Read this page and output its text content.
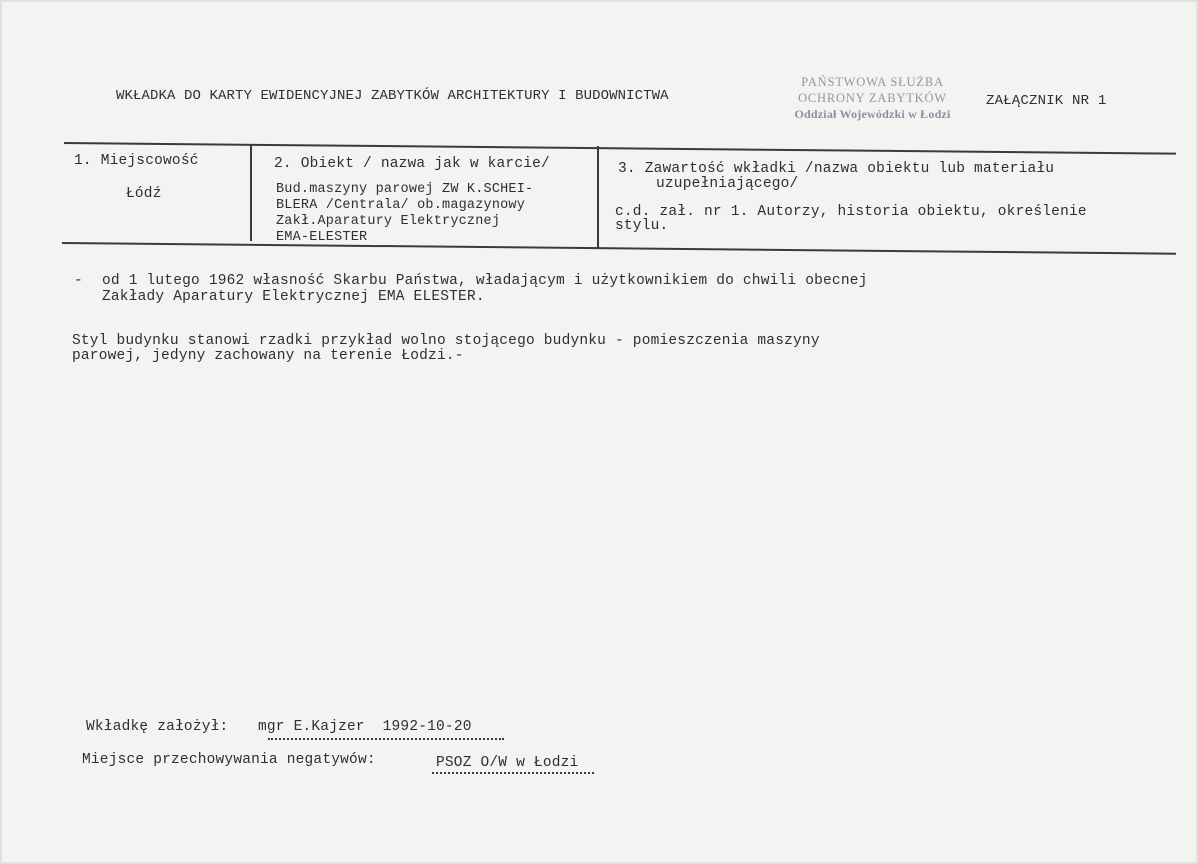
WKŁADKA DO KARTY EWIDENCYJNEJ ZABYTKÓW ARCHITEKTURY I BUDOWNICTWA
PAŃSTWOWA SŁUŻBA
OCHRONY ZABYTKÓW
Oddział Wojewódzki w Łodzi
ZAŁĄCZNIK NR 1
1. Miejscowość
Łódź
2. Obiekt / nazwa jak w karcie/
Bud.maszyny parowej ZW K.SCHEI-
BLERA /Centrala/ ob.magazynowy
Zakł.Aparatury Elektrycznej
EMA-ELESTER
3. Zawartość wkładki /nazwa obiektu lub materiału
uzupełniającego/
c.d. zał. nr 1. Autorzy, historia obiektu, określenie
stylu.
- od 1 lutego 1962 własność Skarbu Państwa, władającym i użytkownikiem do chwili obecnej
Zakłady Aparatury Elektrycznej EMA ELESTER.
Styl budynku stanowi rzadki przykład wolno stojącego budynku - pomieszczenia maszyny
parowej, jedyny zachowany na terenie Łodzi.-
Wkładkę założył: mgr E.Kajzer  1992-10-20
Miejsce przechowywania negatywów:	PSOZ O/W w Łodzi
